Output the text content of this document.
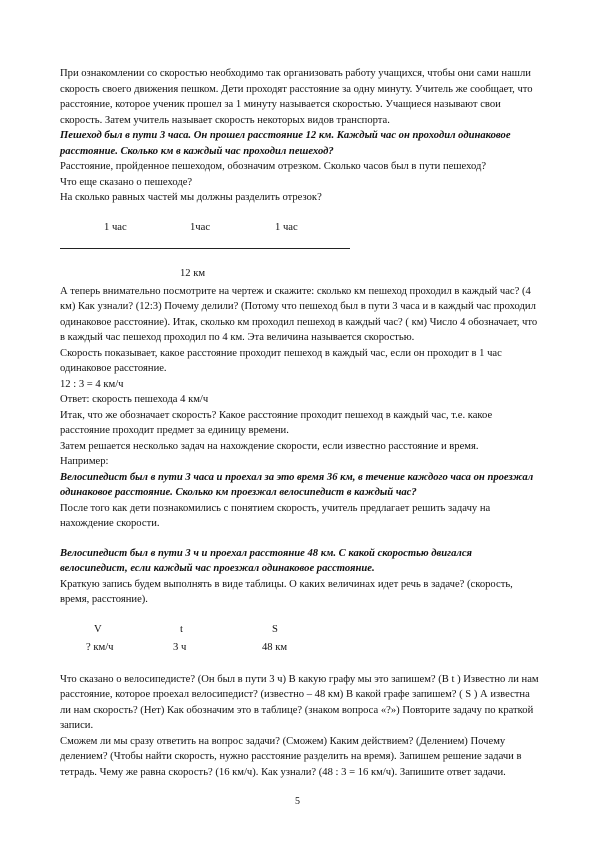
При ознакомлении со скоростью необходимо так организовать работу учащихся, чтобы они сами нашли скорость своего движения пешком. Дети проходят расстояние за одну минуту. Учитель же сообщает, что расстояние, которое ученик прошел за 1 минуту называется скоростью. Учащиеся называют свои скорость. Затем учитель называет скорость некоторых видов транспорта.

Пешеход был в пути 3 часа. Он прошел расстояние 12 км. Каждый час он проходил одинаковое расстояние. Сколько км в каждый час проходил пешеход?

Расстояние, пройденное пешеходом, обозначим отрезком. Сколько часов был в пути пешеход?

Что еще сказано о пешеходе?

На сколько равных частей мы должны разделить отрезок?

1 час	1час	1 час
12 км

А теперь внимательно посмотрите на чертеж и скажите: сколько км пешеход проходил в каждый час? (4 км) Как узнали? (12:3) Почему делили? (Потому что пешеход был в пути 3 часа и в каждый час проходил одинаковое расстояние). Итак, сколько км проходил пешеход в каждый час? ( км) Число 4 обозначает, что в каждый час пешеход проходил по 4 км. Эта величина называется скоростью.

Скорость показывает, какое расстояние проходит пешеход в каждый час, если он проходит в 1 час одинаковое расстояние.

12 : 3 = 4 км/ч

Ответ: скорость пешехода 4 км/ч

Итак, что же обозначает скорость? Какое расстояние проходит пешеход в каждый час, т.е. какое расстояние проходит предмет за единицу времени.

Затем решается несколько задач на нахождение скорости, если известно расстояние и время.

Например:

Велосипедист был в пути 3 часа и проехал за это время 36 км, в течение каждого часа он проезжал одинаковое расстояние. Сколько км проезжал велосипедист в каждый час?

После того как дети познакомились с понятием скорость, учитель предлагает решить задачу на нахождение скорости.

Велосипедист был в пути 3 ч и проехал расстояние 48 км. С какой скоростью двигался велосипедист, если каждый час проезжал одинаковое расстояние.

Краткую запись будем выполнять в виде таблицы. О каких величинах идет речь в задаче? (скорость, время, расстояние).

V	t	S
? км/ч	3 ч	48 км

Что сказано о велосипедисте? (Он был в пути 3 ч) В какую графу мы это запишем? (В t ) Известно ли нам расстояние, которое проехал велосипедист? (известно – 48 км) В какой графе запишем? ( S ) А известна ли нам скорость? (Нет) Как обозначим это в таблице? (знаком вопроса «?») Повторите задачу по краткой записи.

Сможем ли мы сразу ответить на вопрос задачи? (Сможем) Каким действием? (Делением) Почему делением? (Чтобы найти скорость, нужно расстояние разделить на время). Запишем решение задачи в тетрадь. Чему же равна скорость? (16 км/ч). Как узнали? (48 : 3 = 16 км/ч). Запишите ответ задачи.

5
